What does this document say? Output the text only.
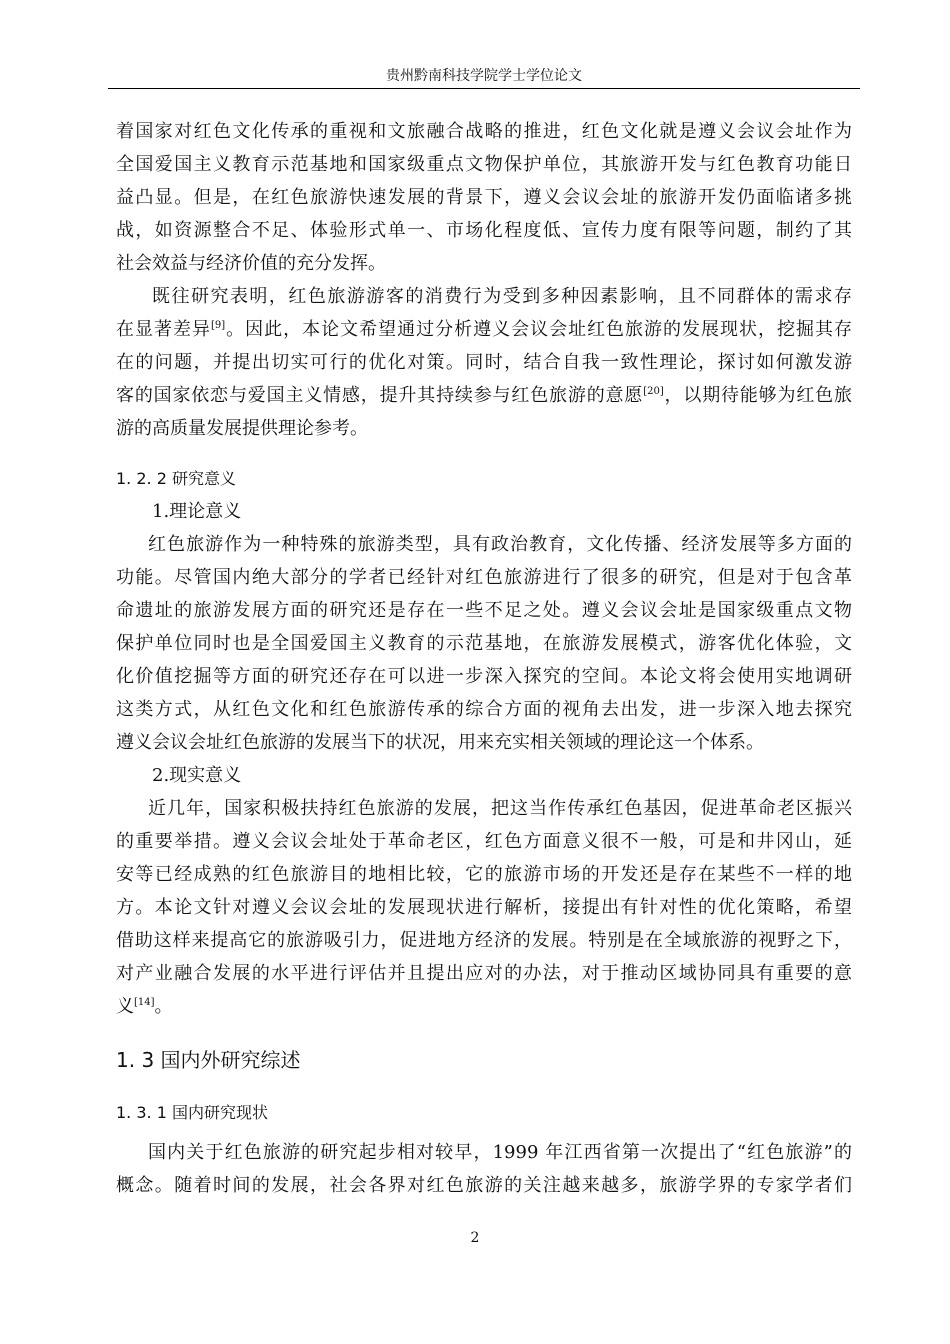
贵州黔南科技学院学士学位论文
着国家对红色文化传承的重视和文旅融合战略的推进，红色文化就是遵义会议会址作为
全国爱国主义教育示范基地和国家级重点文物保护单位，其旅游开发与红色教育功能日
益凸显。但是，在红色旅游快速发展的背景下，遵义会议会址的旅游开发仍面临诸多挑
战，如资源整合不足、体验形式单一、市场化程度低、宣传力度有限等问题，制约了其
社会效益与经济价值的充分发挥。
既往研究表明，红色旅游游客的消费行为受到多种因素影响，且不同群体的需求存
在显著差异[9]。因此，本论文希望通过分析遵义会议会址红色旅游的发展现状，挖掘其存
在的问题，并提出切实可行的优化对策。同时，结合自我一致性理论，探讨如何激发游
客的国家依恋与爱国主义情感，提升其持续参与红色旅游的意愿[20]，以期待能够为红色旅
游的高质量发展提供理论参考。
1. 2. 2 研究意义
1.理论意义
红色旅游作为一种特殊的旅游类型，具有政治教育，文化传播、经济发展等多方面的
功能。尽管国内绝大部分的学者已经针对红色旅游进行了很多的研究，但是对于包含革
命遗址的旅游发展方面的研究还是存在一些不足之处。遵义会议会址是国家级重点文物
保护单位同时也是全国爱国主义教育的示范基地，在旅游发展模式，游客优化体验，文
化价值挖掘等方面的研究还存在可以进一步深入探究的空间。本论文将会使用实地调研
这类方式，从红色文化和红色旅游传承的综合方面的视角去出发，进一步深入地去探究
遵义会议会址红色旅游的发展当下的状况，用来充实相关领域的理论这一个体系。
2.现实意义
近几年，国家积极扶持红色旅游的发展，把这当作传承红色基因，促进革命老区振兴
的重要举措。遵义会议会址处于革命老区，红色方面意义很不一般，可是和井冈山，延
安等已经成熟的红色旅游目的地相比较，它的旅游市场的开发还是存在某些不一样的地
方。本论文针对遵义会议会址的发展现状进行解析，接提出有针对性的优化策略，希望
借助这样来提高它的旅游吸引力，促进地方经济的发展。特别是在全域旅游的视野之下，
对产业融合发展的水平进行评估并且提出应对的办法，对于推动区域协同具有重要的意
义[14]。
1. 3 国内外研究综述
1. 3. 1 国内研究现状
国内关于红色旅游的研究起步相对较早，1999 年江西省第一次提出了“红色旅游”的
概念。随着时间的发展，社会各界对红色旅游的关注越来越多，旅游学界的专家学者们
2
